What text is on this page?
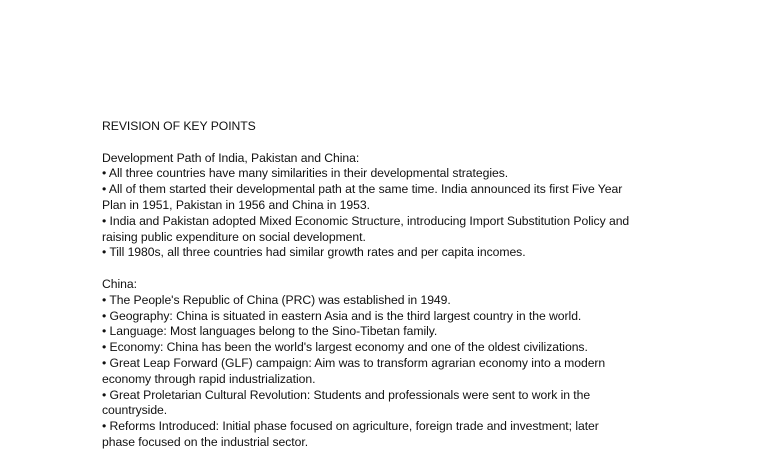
REVISION OF KEY POINTS

Development Path of India, Pakistan and China:

• All three countries have many similarities in their developmental strategies.

• All of them started their developmental path at the same time. India announced its first Five Year

Plan in 1951, Pakistan in 1956 and China in 1953.

• India and Pakistan adopted Mixed Economic Structure, introducing Import Substitution Policy and

raising public expenditure on social development.

• Till 1980s, all three countries had similar growth rates and per capita incomes.

China:

• The People's Republic of China (PRC) was established in 1949.

• Geography: China is situated in eastern Asia and is the third largest country in the world.

• Language: Most languages belong to the Sino-Tibetan family.

• Economy: China has been the world's largest economy and one of the oldest civilizations.

• Great Leap Forward (GLF) campaign: Aim was to transform agrarian economy into a modern

economy through rapid industrialization.

• Great Proletarian Cultural Revolution: Students and professionals were sent to work in the

countryside.

• Reforms Introduced: Initial phase focused on agriculture, foreign trade and investment; later

phase focused on the industrial sector.
